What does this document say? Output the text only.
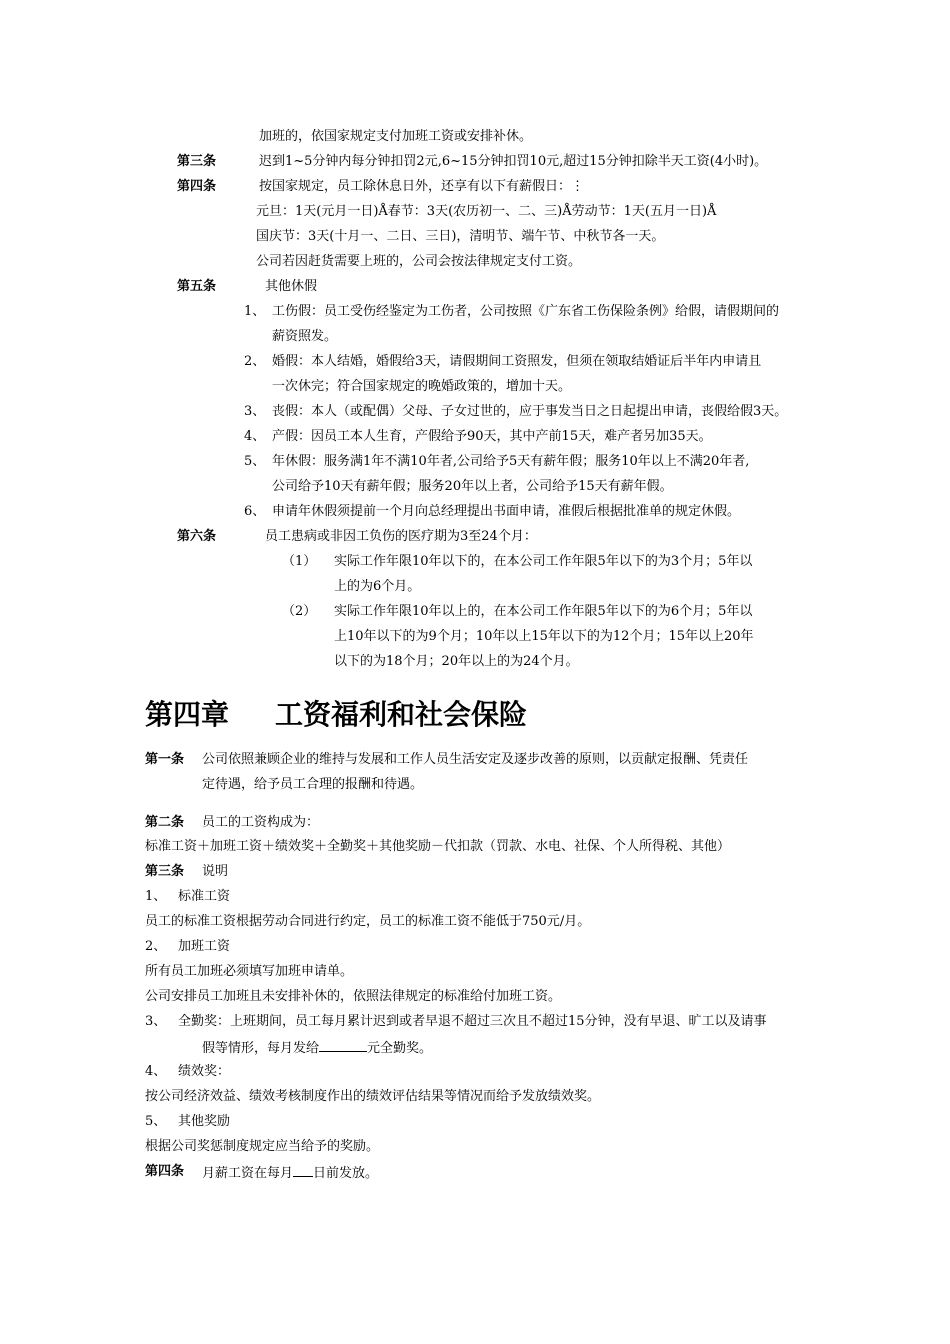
加班的，依国家规定支付加班工资或安排补休。
第三条	迟到1~5分钟内每分钟扣罚2元,6~15分钟扣罚10元,超过15分钟扣除半天工资(4小时)。
第四条	按国家规定，员工除休息日外，还享有以下有薪假日：⋮
元旦：1天(元月一日)Å春节：3天(农历初一、二、三)Å劳动节：1天(五月一日)Å
国庆节：3天(十月一、二日、三日)，清明节、端午节、中秋节各一天。
公司若因赶货需要上班的，公司会按法律规定支付工资。
第五条	其他休假
1、 工伤假：员工受伤经鉴定为工伤者，公司按照《广东省工伤保险条例》给假，请假期间的
薪资照发。
2、 婚假：本人结婚，婚假给3天，请假期间工资照发，但须在领取结婚证后半年内申请且
一次休完；符合国家规定的晚婚政策的，增加十天。
3、 丧假：本人（或配偶）父母、子女过世的，应于事发当日之日起提出申请，丧假给假3天。
4、 产假：因员工本人生育，产假给予90天，其中产前15天，难产者另加35天。
5、 年休假：服务满1年不满10年者,公司给予5天有薪年假；服务10年以上不满20年者,
公司给予10天有薪年假；服务20年以上者，公司给予15天有薪年假。
6、 申请年休假须提前一个月向总经理提出书面申请，准假后根据批准单的规定休假。
第六条	员工患病或非因工负伤的医疗期为3至24个月：
（1） 实际工作年限10年以下的，在本公司工作年限5年以下的为3个月；5年以
上的为6个月。
（2） 实际工作年限10年以上的，在本公司工作年限5年以下的为6个月；5年以
上10年以下的为9个月；10年以上15年以下的为12个月；15年以上20年
以下的为18个月；20年以上的为24个月。
第四章 工资福利和社会保险
第一条 公司依照兼顾企业的维持与发展和工作人员生活安定及逐步改善的原则，以贡献定报酬、凭责任
定待遇，给予员工合理的报酬和待遇。
第二条 员工的工资构成为：
标准工资＋加班工资＋绩效奖＋全勤奖＋其他奖励－代扣款（罚款、水电、社保、个人所得税、其他）
第三条 说明
1、 标准工资
员工的标准工资根据劳动合同进行约定，员工的标准工资不能低于750元/月。
2、 加班工资
所有员工加班必须填写加班申请单。
公司安排员工加班且未安排补休的，依照法律规定的标准给付加班工资。
3、 全勤奖：上班期间，员工每月累计迟到或者早退不超过三次且不超过15分钟，没有早退、旷工以及请事
假等情形，每月发给	元全勤奖。
4、 绩效奖：
按公司经济效益、绩效考核制度作出的绩效评估结果等情况而给予发放绩效奖。
5、 其他奖励
根据公司奖惩制度规定应当给予的奖励。
第四条 月薪工资在每月 日前发放。
